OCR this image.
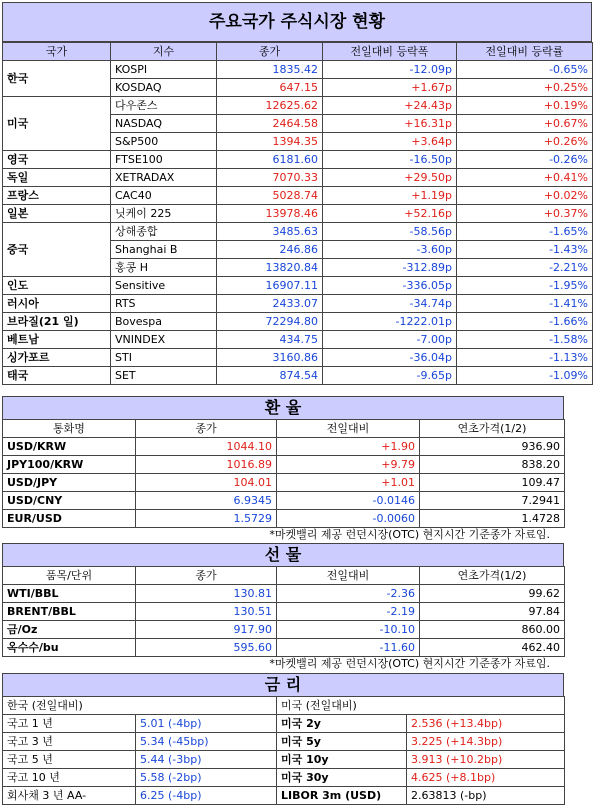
주요국가 주식시장 현황
국가	지수	종가	전일대비 등락폭	전일대비 등락률
한국	KOSPI	1835.42	-12.09p	-0.65%
	KOSDAQ	647.15	+1.67p	+0.25%
미국	다우존스	12625.62	+24.43p	+0.19%
	NASDAQ	2464.58	+16.31p	+0.67%
	S&P500	1394.35	+3.64p	+0.26%
영국	FTSE100	6181.60	-16.50p	-0.26%
독일	XETRADAX	7070.33	+29.50p	+0.41%
프랑스	CAC40	5028.74	+1.19p	+0.02%
일본	닛케이 225	13978.46	+52.16p	+0.37%
중국	상해종합	3485.63	-58.56p	-1.65%
	Shanghai B	246.86	-3.60p	-1.43%
	홍콩 H	13820.84	-312.89p	-2.21%
인도	Sensitive	16907.11	-336.05p	-1.95%
러시아	RTS	2433.07	-34.74p	-1.41%
브라질(21 일)	Bovespa	72294.80	-1222.01p	-1.66%
베트남	VNINDEX	434.75	-7.00p	-1.58%
싱가포르	STI	3160.86	-36.04p	-1.13%
태국	SET	874.54	-9.65p	-1.09%
환 율
통화명	종가	전일대비	연초가격(1/2)
USD/KRW	1044.10	+1.90	936.90
JPY100/KRW	1016.89	+9.79	838.20
USD/JPY	104.01	+1.01	109.47
USD/CNY	6.9345	-0.0146	7.2941
EUR/USD	1.5729	-0.0060	1.4728
*마켓밸리 제공 런던시장(OTC) 현지시간 기준종가 자료임.
선 물
품목/단위	종가	전일대비	연초가격(1/2)
WTI/BBL	130.81	-2.36	99.62
BRENT/BBL	130.51	-2.19	97.84
금/Oz	917.90	-10.10	860.00
옥수수/bu	595.60	-11.60	462.40
*마켓밸리 제공 런던시장(OTC) 현지시간 기준종가 자료임.
금 리
한국 (전일대비)		미국 (전일대비)	
국고 1 년	5.01 (-4bp)	미국 2y	2.536 (+13.4bp)
국고 3 년	5.34 (-45bp)	미국 5y	3.225 (+14.3bp)
국고 5 년	5.44 (-3bp)	미국 10y	3.913 (+10.2bp)
국고 10 년	5.58 (-2bp)	미국 30y	4.625 (+8.1bp)
회사채 3 년 AA-	6.25 (-4bp)	LIBOR 3m (USD)	2.63813 (-bp)
